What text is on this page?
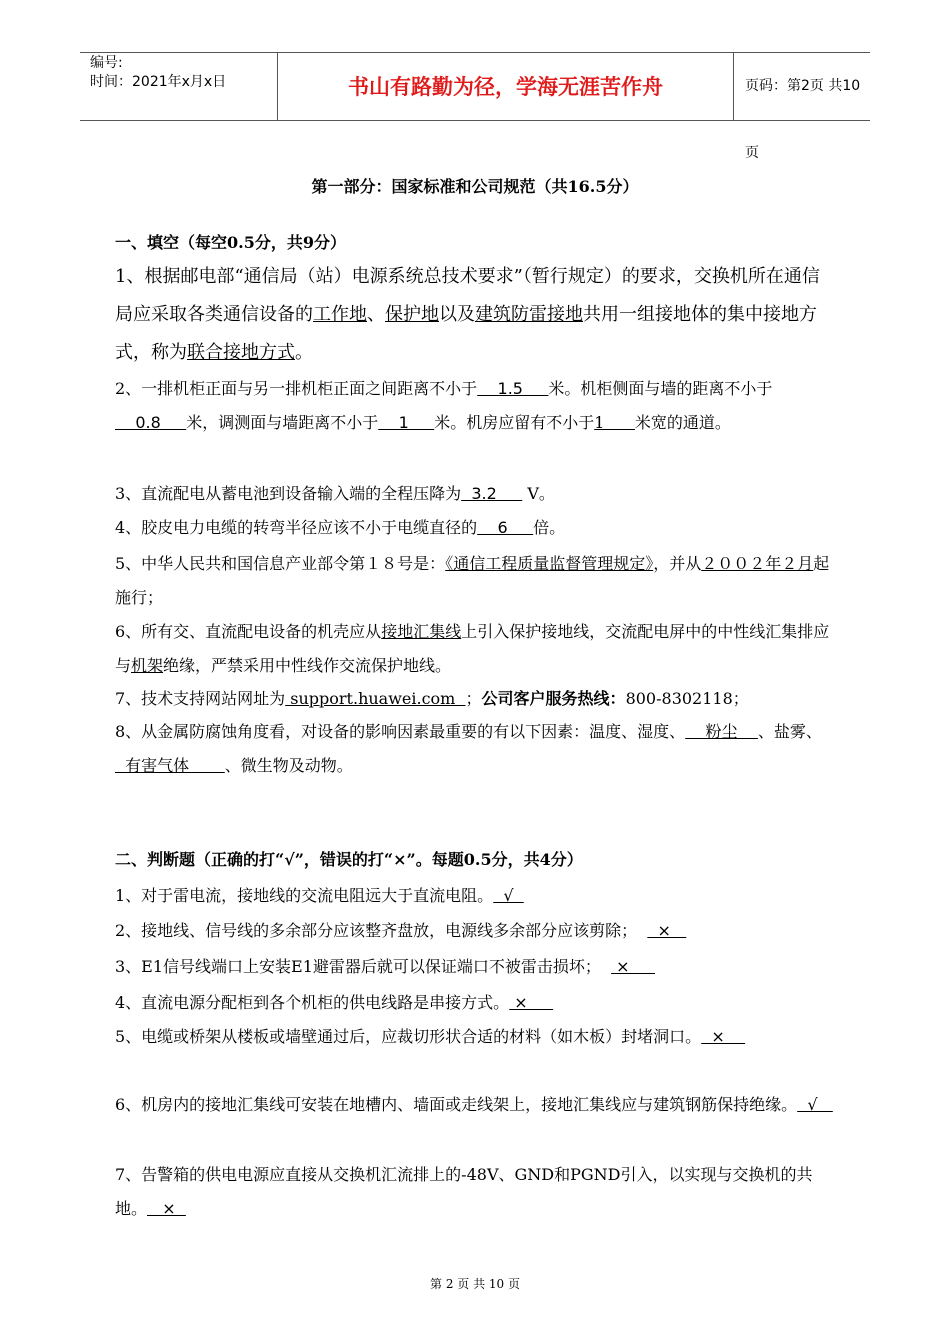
编号:
时间：2021年x月x日	书山有路勤为径，学海无涯苦作舟	页码：第2页 共10页
第一部分：国家标准和公司规范（共16.5分）
一、填空（每空0.5分，共9分）
1、根据邮电部“通信局（站）电源系统总技术要求”（暂行规定）的要求，交换机所在通信局应采取各类通信设备的工作地、保护地以及建筑防雷接地共用一组接地体的集中接地方式，称为联合接地方式。
2、一排机柜正面与另一排机柜正面之间距离不小于    1.5     米。机柜侧面与墙的距离不小于    0.8     米，调测面与墙距离不小于    1     米。机房应留有不小于1      米宽的通道。
3、直流配电从蓄电池到设备输入端的全程压降为  3.2      V。
4、胶皮电力电缆的转弯半径应该不小于电缆直径的    6     倍。
5、中华人民共和国信息产业部令第１８号是：《通信工程质量监督管理规定》，并从２００２年２月起施行；
6、所有交、直流配电设备的机壳应从接地汇集线上引入保护接地线，交流配电屏中的中性线汇集排应与机架绝缘，严禁采用中性线作交流保护地线。
7、技术支持网站网址为 support.huawei.com  ；公司客户服务热线：800-8302118；
8、从金属防腐蚀角度看，对设备的影响因素最重要的有以下因素：温度、湿度、    粉尘    、盐雾、  有害气体       、微生物及动物。
二、判断题（正确的打“√”，错误的打“×”。每题0.5分，共4分）
1、对于雷电流，接地线的交流电阻远大于直流电阻。  √
2、接地线、信号线的多余部分应该整齐盘放，电源线多余部分应该剪除；    ×
3、E1信号线端口上安装E1避雷器后就可以保证端口不被雷击损坏；   ×
4、直流电源分配柜到各个机柜的供电线路是串接方式。 ×
5、电缆或桥架从楼板或墙壁通过后，应裁切形状合适的材料（如木板）封堵洞口。  ×
6、机房内的接地汇集线可安装在地槽内、墙面或走线架上，接地汇集线应与建筑钢筋保持绝缘。  √
7、告警箱的供电电源应直接从交换机汇流排上的-48V、GND和PGND引入，以实现与交换机的共地。   ×
第 2 页 共 10 页
